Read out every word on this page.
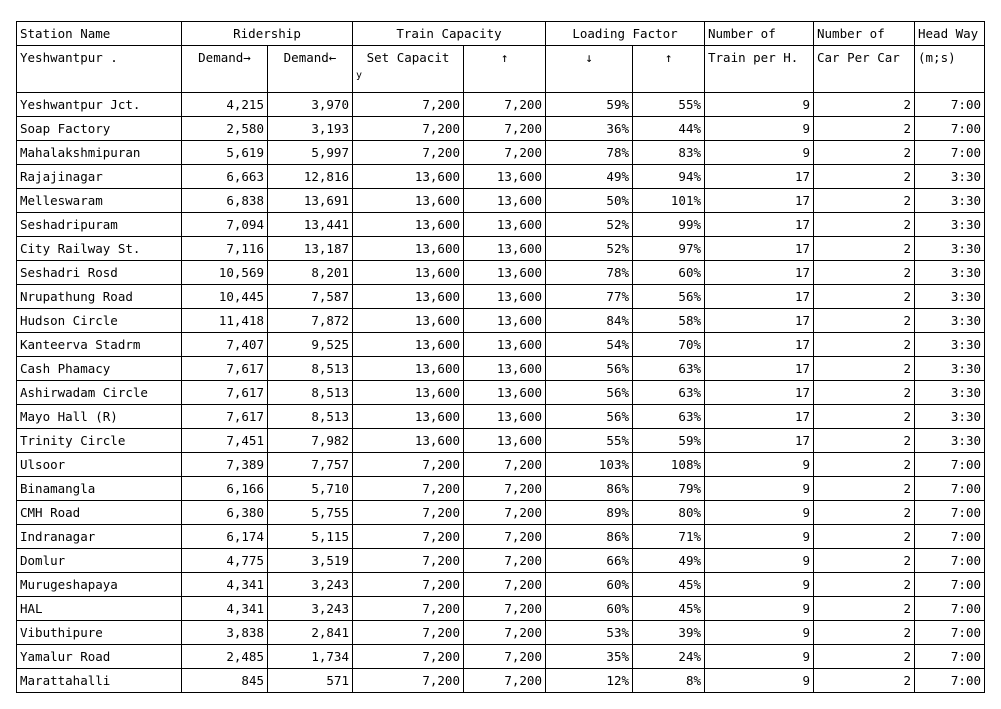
Station Name	Ridership		Train Capacity		Loading Factor		Number of	Number of	Head Way
Yeshwantpur .	Demand→	Demand←	Set Capacit	↑	↓	↑	Train per H.	Car Per Car	(m;s)
			y						
Yeshwantpur Jct.	4,215	3,970	7,200	7,200	59%	55%	9	2	7:00
Soap Factory	2,580	3,193	7,200	7,200	36%	44%	9	2	7:00
Mahalakshmipuran	5,619	5,997	7,200	7,200	78%	83%	9	2	7:00
Rajajinagar	6,663	12,816	13,600	13,600	49%	94%	17	2	3:30
Melleswaram	6,838	13,691	13,600	13,600	50%	101%	17	2	3:30
Seshadripuram	7,094	13,441	13,600	13,600	52%	99%	17	2	3:30
City Railway St.	7,116	13,187	13,600	13,600	52%	97%	17	2	3:30
Seshadri Rosd	10,569	8,201	13,600	13,600	78%	60%	17	2	3:30
Nrupathung Road	10,445	7,587	13,600	13,600	77%	56%	17	2	3:30
Hudson Circle	11,418	7,872	13,600	13,600	84%	58%	17	2	3:30
Kanteerva Stadrm	7,407	9,525	13,600	13,600	54%	70%	17	2	3:30
Cash Phamacy	7,617	8,513	13,600	13,600	56%	63%	17	2	3:30
Ashirwadam Circle	7,617	8,513	13,600	13,600	56%	63%	17	2	3:30
Mayo Hall (R)	7,617	8,513	13,600	13,600	56%	63%	17	2	3:30
Trinity Circle	7,451	7,982	13,600	13,600	55%	59%	17	2	3:30
Ulsoor	7,389	7,757	7,200	7,200	103%	108%	9	2	7:00
Binamangla	6,166	5,710	7,200	7,200	86%	79%	9	2	7:00
CMH Road	6,380	5,755	7,200	7,200	89%	80%	9	2	7:00
Indranagar	6,174	5,115	7,200	7,200	86%	71%	9	2	7:00
Domlur	4,775	3,519	7,200	7,200	66%	49%	9	2	7:00
Murugeshapaya	4,341	3,243	7,200	7,200	60%	45%	9	2	7:00
HAL	4,341	3,243	7,200	7,200	60%	45%	9	2	7:00
Vibuthipure	3,838	2,841	7,200	7,200	53%	39%	9	2	7:00
Yamalur Road	2,485	1,734	7,200	7,200	35%	24%	9	2	7:00
Marattahalli	845	571	7,200	7,200	12%	8%	9	2	7:00
